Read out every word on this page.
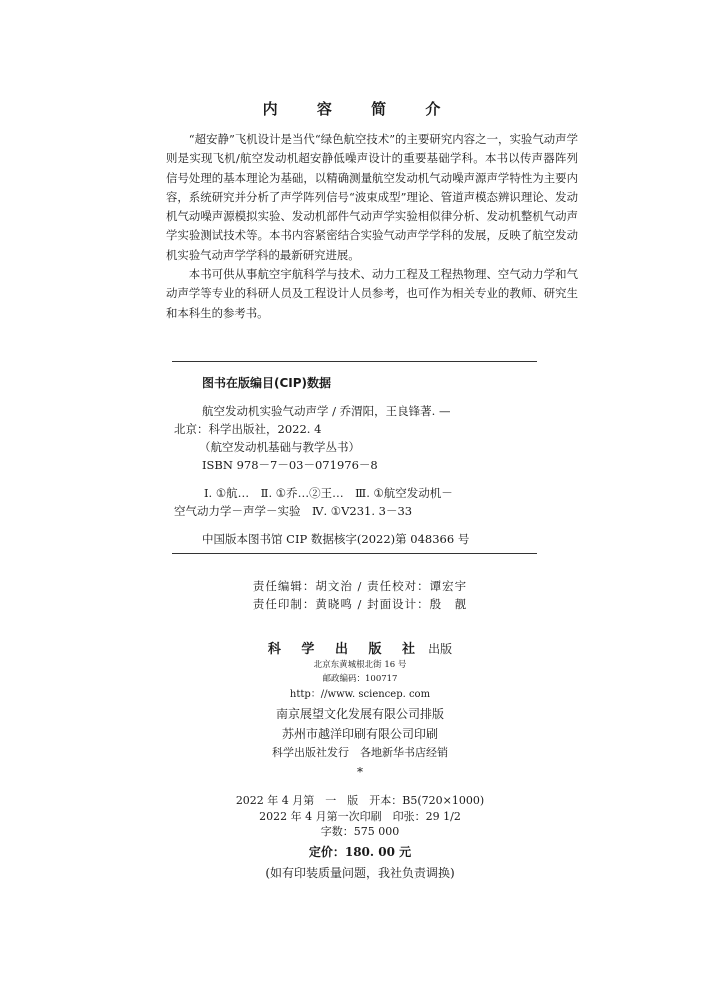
内 容 简 介

“超安静”飞机设计是当代“绿色航空技术”的主要研究内容之一，实验气动声学则是实现飞机/航空发动机超安静低噪声设计的重要基础学科。本书以传声器阵列信号处理的基本理论为基础，以精确测量航空发动机气动噪声源声学特性为主要内容，系统研究并分析了声学阵列信号“波束成型”理论、管道声模态辨识理论、发动机气动噪声源模拟实验、发动机部件气动声学实验相似律分析、发动机整机气动声学实验测试技术等。本书内容紧密结合实验气动声学学科的发展，反映了航空发动机实验气动声学学科的最新研究进展。

本书可供从事航空宇航科学与技术、动力工程及工程热物理、空气动力学和气动声学等专业的科研人员及工程设计人员参考，也可作为相关专业的教师、研究生和本科生的参考书。

图书在版编目(CIP)数据
航空发动机实验气动声学 / 乔渭阳，王良锋著. —
北京：科学出版社，2022. 4
（航空发动机基础与教学丛书）
ISBN 978－7－03－071976－8
Ⅰ. ①航…　Ⅱ. ①乔…②王…　Ⅲ. ①航空发动机－
空气动力学－声学－实验　Ⅳ. ①V231. 3－33
中国版本图书馆 CIP 数据核字(2022)第 048366 号
责任编辑：胡文治 / 责任校对：谭宏宇
责任印制：黄晓鸣 / 封面设计：殷　靓
科 学 出 版 社 出版
北京东黄城根北街 16 号
邮政编码：100717
http：//www. sciencep. com
南京展望文化发展有限公司排版
苏州市越洋印刷有限公司印刷
科学出版社发行　各地新华书店经销
*
2022 年 4 月第　一　版　开本：B5(720×1000)
2022 年 4 月第一次印刷　印张：29 1/2
字数：575 000
定价：180. 00 元
(如有印装质量问题，我社负责调换)
